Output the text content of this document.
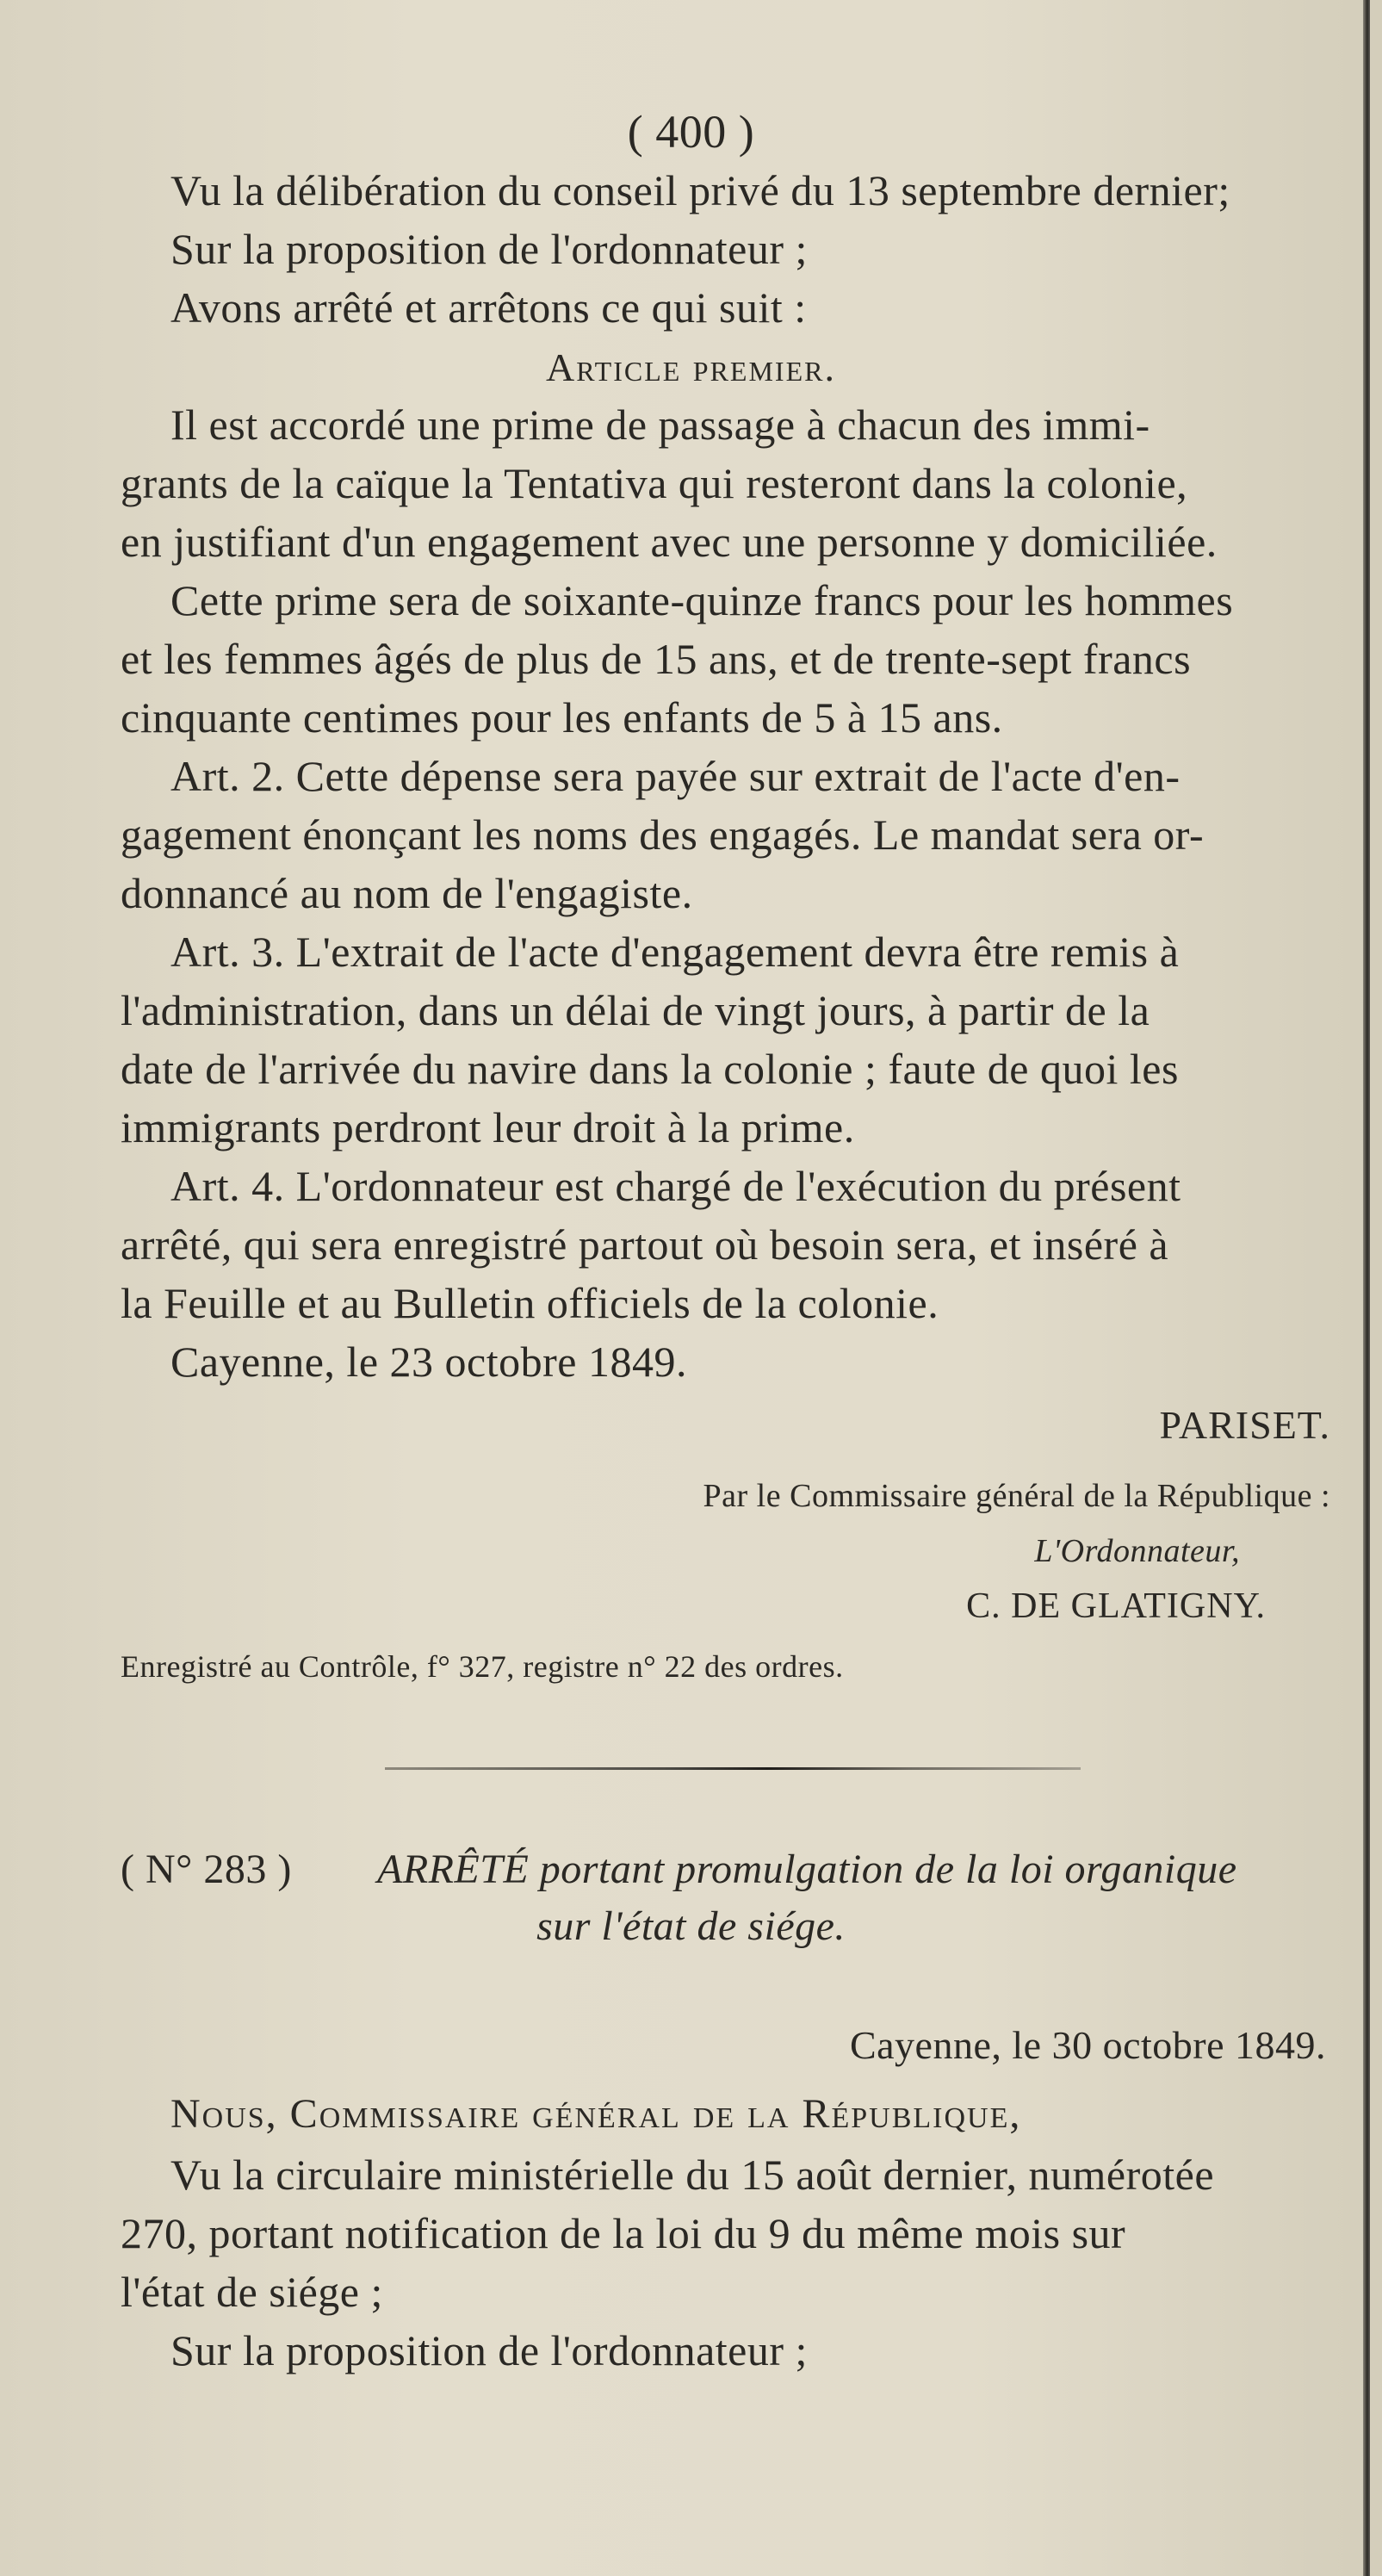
( 400 )
Vu la délibération du conseil privé du 13 septembre dernier;
Sur la proposition de l'ordonnateur ;
Avons arrêté et arrêtons ce qui suit :
Article premier.
Il est accordé une prime de passage à chacun des immi-
grants de la caïque la Tentativa qui resteront dans la colonie,
en justifiant d'un engagement avec une personne y domiciliée.
Cette prime sera de soixante-quinze francs pour les hommes
et les femmes âgés de plus de 15 ans, et de trente-sept francs
cinquante centimes pour les enfants de 5 à 15 ans.
Art. 2. Cette dépense sera payée sur extrait de l'acte d'en-
gagement énonçant les noms des engagés. Le mandat sera or-
donnancé au nom de l'engagiste.
Art. 3. L'extrait de l'acte d'engagement devra être remis à
l'administration, dans un délai de vingt jours, à partir de la
date de l'arrivée du navire dans la colonie ; faute de quoi les
immigrants perdront leur droit à la prime.
Art. 4. L'ordonnateur est chargé de l'exécution du présent
arrêté, qui sera enregistré partout où besoin sera, et inséré à
la Feuille et au Bulletin officiels de la colonie.
Cayenne, le 23 octobre 1849.
PARISET.
Par le Commissaire général de la République :
L'Ordonnateur,
C. DE GLATIGNY.
Enregistré au Contrôle, f° 327, registre n° 22 des ordres.
( N° 283 ) ARRÊTÉ portant promulgation de la loi organique
sur l'état de siége.
Cayenne, le 30 octobre 1849.
Nous, Commissaire général de la République,
Vu la circulaire ministérielle du 15 août dernier, numérotée
270, portant notification de la loi du 9 du même mois sur
l'état de siége ;
Sur la proposition de l'ordonnateur ;
